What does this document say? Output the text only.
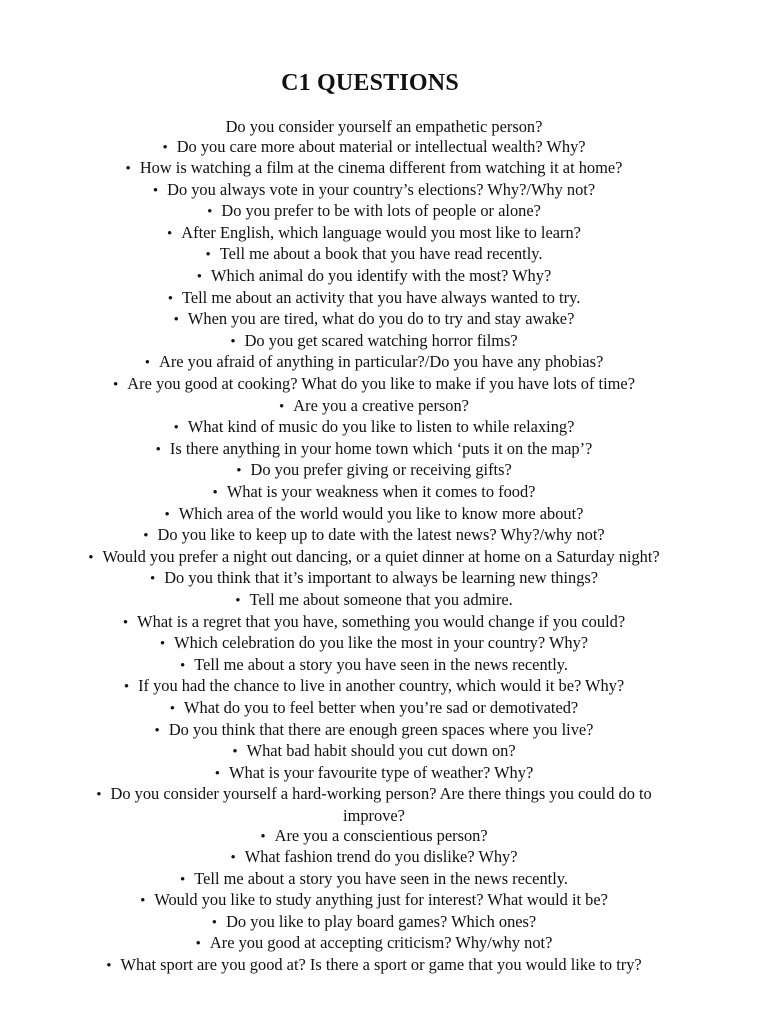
C1 QUESTIONS
Do you consider yourself an empathetic person?
• Do you care more about material or intellectual wealth? Why?
• How is watching a film at the cinema different from watching it at home?
• Do you always vote in your country’s elections? Why?/Why not?
• Do you prefer to be with lots of people or alone?
• After English, which language would you most like to learn?
• Tell me about a book that you have read recently.
• Which animal do you identify with the most? Why?
• Tell me about an activity that you have always wanted to try.
• When you are tired, what do you do to try and stay awake?
• Do you get scared watching horror films?
• Are you afraid of anything in particular?/Do you have any phobias?
• Are you good at cooking? What do you like to make if you have lots of time?
• Are you a creative person?
• What kind of music do you like to listen to while relaxing?
• Is there anything in your home town which ‘puts it on the map’?
• Do you prefer giving or receiving gifts?
• What is your weakness when it comes to food?
• Which area of the world would you like to know more about?
• Do you like to keep up to date with the latest news? Why?/why not?
• Would you prefer a night out dancing, or a quiet dinner at home on a Saturday night?
• Do you think that it’s important to always be learning new things?
• Tell me about someone that you admire.
• What is a regret that you have, something you would change if you could?
• Which celebration do you like the most in your country? Why?
• Tell me about a story you have seen in the news recently.
• If you had the chance to live in another country, which would it be? Why?
• What do you to feel better when you’re sad or demotivated?
• Do you think that there are enough green spaces where you live?
• What bad habit should you cut down on?
• What is your favourite type of weather? Why?
• Do you consider yourself a hard-working person? Are there things you could do to improve?
• Are you a conscientious person?
• What fashion trend do you dislike? Why?
• Tell me about a story you have seen in the news recently.
• Would you like to study anything just for interest? What would it be?
• Do you like to play board games? Which ones?
• Are you good at accepting criticism? Why/why not?
• What sport are you good at? Is there a sport or game that you would like to try?
